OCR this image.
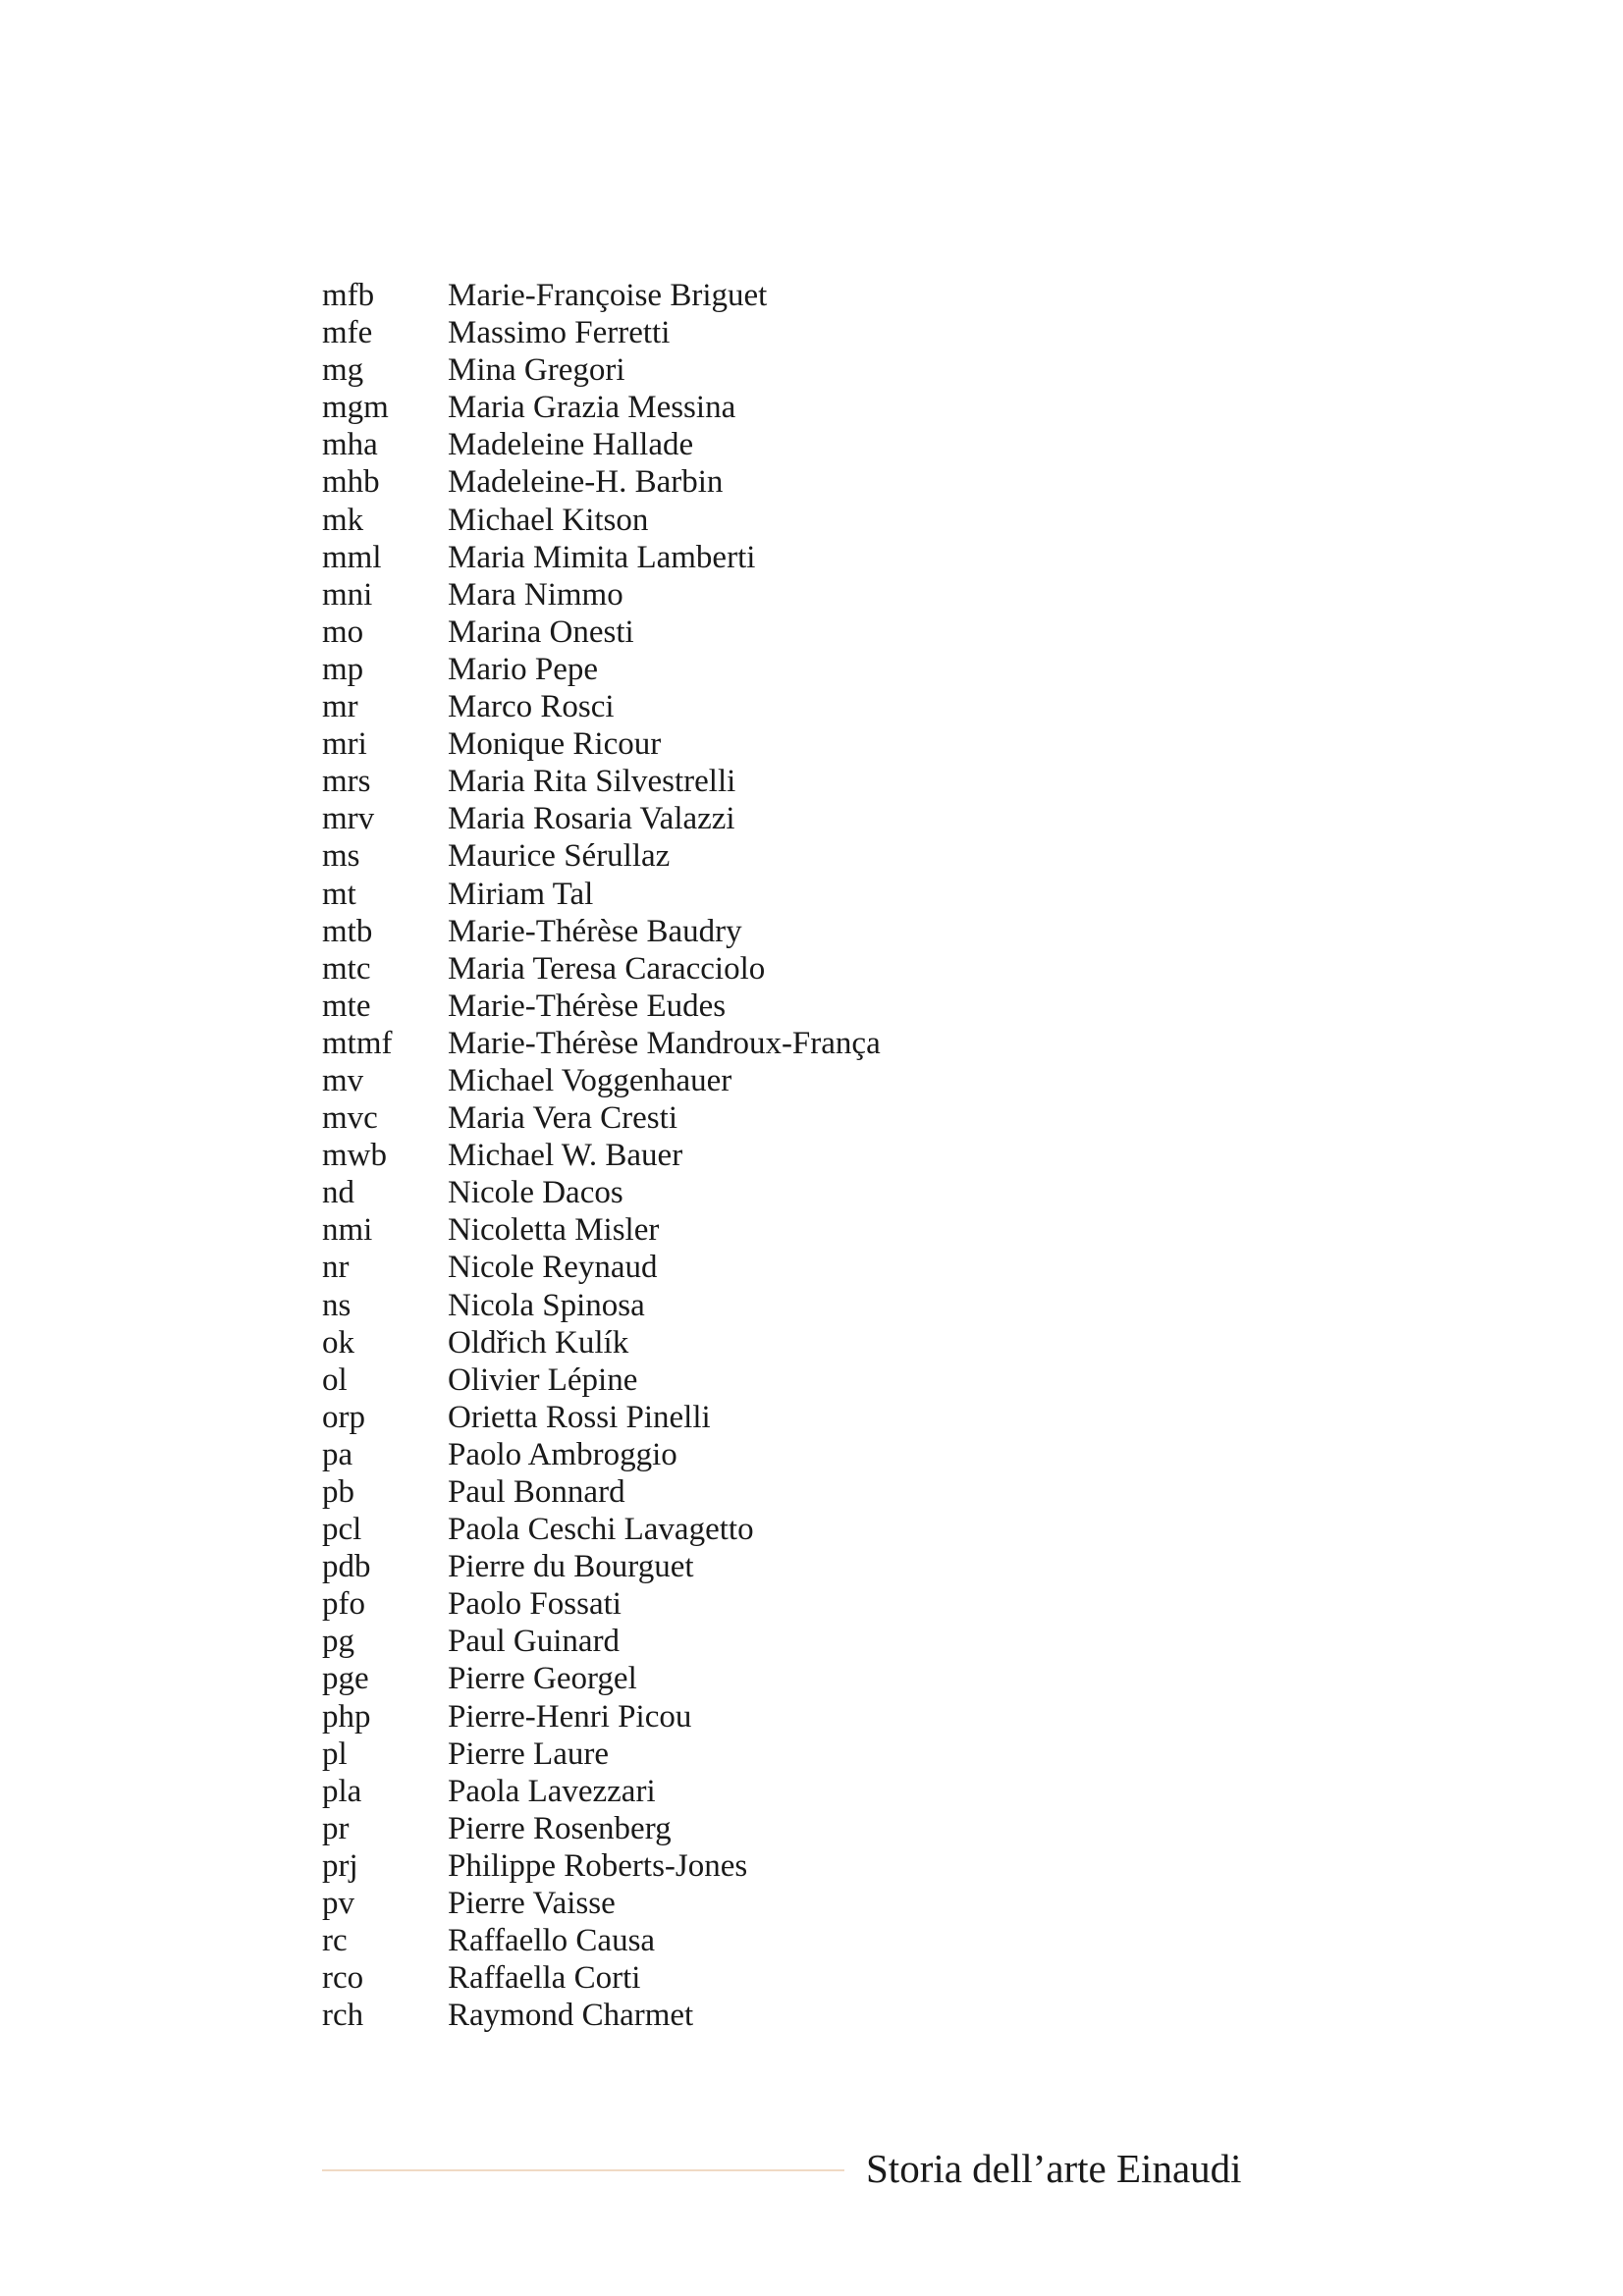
mfb	Marie-Françoise Briguet
mfe	Massimo Ferretti
mg	Mina Gregori
mgm	Maria Grazia Messina
mha	Madeleine Hallade
mhb	Madeleine-H. Barbin
mk	Michael Kitson
mml	Maria Mimita Lamberti
mni	Mara Nimmo
mo	Marina Onesti
mp	Mario Pepe
mr	Marco Rosci
mri	Monique Ricour
mrs	Maria Rita Silvestrelli
mrv	Maria Rosaria Valazzi
ms	Maurice Sérullaz
mt	Miriam Tal
mtb	Marie-Thérèse Baudry
mtc	Maria Teresa Caracciolo
mte	Marie-Thérèse Eudes
mtmf	Marie-Thérèse Mandroux-França
mv	Michael Voggenhauer
mvc	Maria Vera Cresti
mwb	Michael W. Bauer
nd	Nicole Dacos
nmi	Nicoletta Misler
nr	Nicole Reynaud
ns	Nicola Spinosa
ok	Oldřich Kulík
ol	Olivier Lépine
orp	Orietta Rossi Pinelli
pa	Paolo Ambroggio
pb	Paul Bonnard
pcl	Paola Ceschi Lavagetto
pdb	Pierre du Bourguet
pfo	Paolo Fossati
pg	Paul Guinard
pge	Pierre Georgel
php	Pierre-Henri Picou
pl	Pierre Laure
pla	Paola Lavezzari
pr	Pierre Rosenberg
prj	Philippe Roberts-Jones
pv	Pierre Vaisse
rc	Raffaello Causa
rco	Raffaella Corti
rch	Raymond Charmet
Storia dell’arte Einaudi
